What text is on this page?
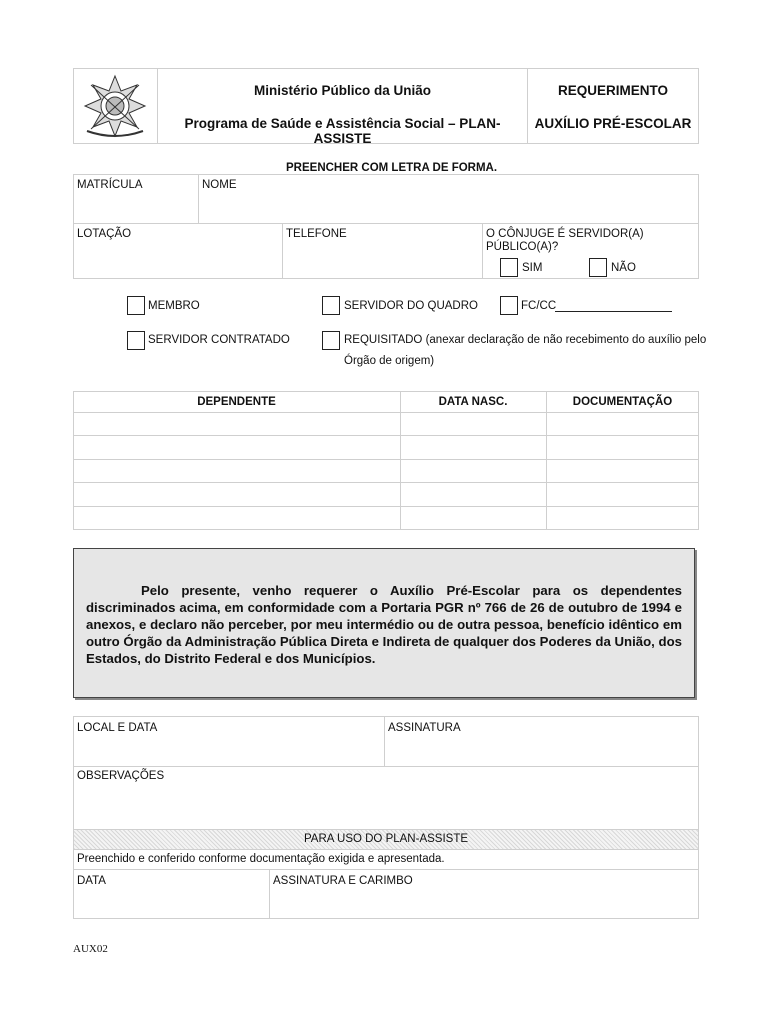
Ministério Público da União
Programa de Saúde e Assistência Social – PLAN-ASSISTE
REQUERIMENTO
AUXÍLIO PRÉ-ESCOLAR
PREENCHER COM LETRA DE FORMA.
MATRÍCULA	NOME
LOTAÇÃO	TELEFONE	O CÔNJUGE É SERVIDOR(A)
PÚBLICO(A)?
SIM	NÃO
MEMBRO	SERVIDOR DO QUADRO	FC/CC
SERVIDOR CONTRATADO	REQUISITADO (anexar declaração de não recebimento do auxílio pelo
Órgão de origem)
DEPENDENTE	DATA NASC.	DOCUMENTAÇÃO

Pelo presente, venho requerer o Auxílio Pré-Escolar para os dependentes discriminados acima, em conformidade com a Portaria PGR nº 766 de 26 de outubro de 1994 e anexos, e declaro não perceber, por meu intermédio ou de outra pessoa, benefício idêntico em outro Órgão da Administração Pública Direta e Indireta de qualquer dos Poderes da União, dos Estados, do Distrito Federal e dos Municípios.

LOCAL E DATA	ASSINATURA
OBSERVAÇÕES
PARA USO DO PLAN-ASSISTE
Preenchido e conferido conforme documentação exigida e apresentada.
DATA	ASSINATURA E CARIMBO
AUX02
